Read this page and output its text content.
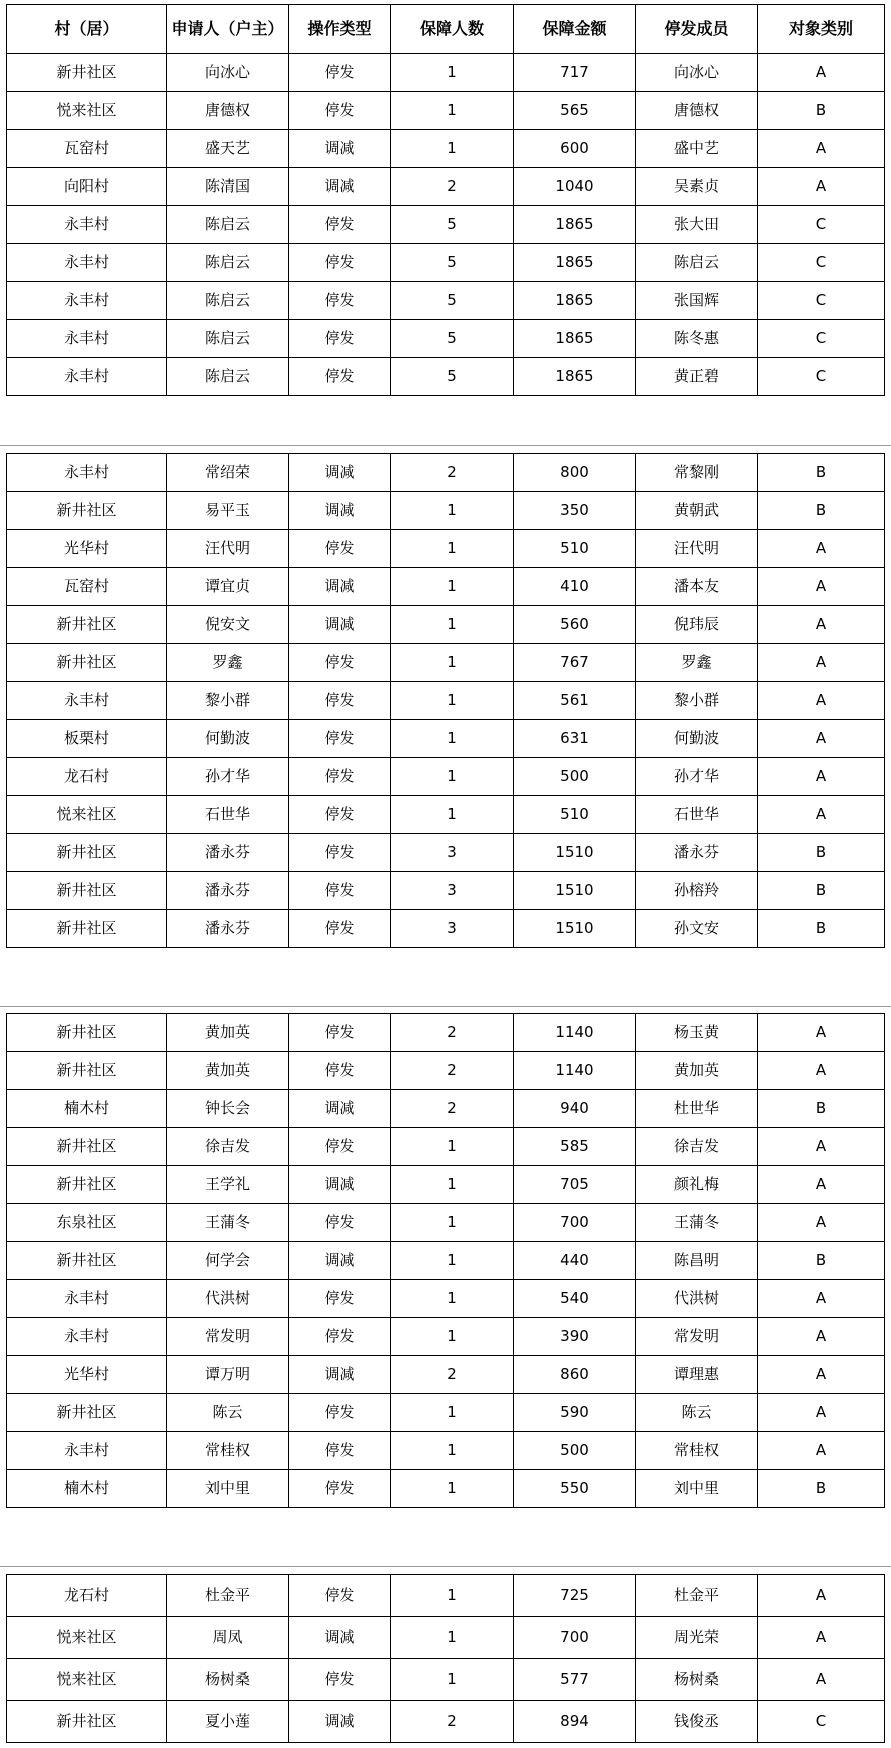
村（居）	申请人（户主）	操作类型	保障人数	保障金额	停发成员	对象类别
新井社区	向冰心	停发	1	717	向冰心	A
悦来社区	唐德权	停发	1	565	唐德权	B
瓦窑村	盛天艺	调减	1	600	盛中艺	A
向阳村	陈清国	调减	2	1040	吴素贞	A
永丰村	陈启云	停发	5	1865	张大田	C
永丰村	陈启云	停发	5	1865	陈启云	C
永丰村	陈启云	停发	5	1865	张国辉	C
永丰村	陈启云	停发	5	1865	陈冬惠	C
永丰村	陈启云	停发	5	1865	黄正碧	C
永丰村	常绍荣	调减	2	800	常黎刚	B
新井社区	易平玉	调减	1	350	黄朝武	B
光华村	汪代明	停发	1	510	汪代明	A
瓦窑村	谭宜贞	调减	1	410	潘本友	A
新井社区	倪安文	调减	1	560	倪玮辰	A
新井社区	罗鑫	停发	1	767	罗鑫	A
永丰村	黎小群	停发	1	561	黎小群	A
板栗村	何勤波	停发	1	631	何勤波	A
龙石村	孙才华	停发	1	500	孙才华	A
悦来社区	石世华	停发	1	510	石世华	A
新井社区	潘永芬	停发	3	1510	潘永芬	B
新井社区	潘永芬	停发	3	1510	孙榕羚	B
新井社区	潘永芬	停发	3	1510	孙文安	B
新井社区	黄加英	停发	2	1140	杨玉黄	A
新井社区	黄加英	停发	2	1140	黄加英	A
楠木村	钟长会	调减	2	940	杜世华	B
新井社区	徐吉发	停发	1	585	徐吉发	A
新井社区	王学礼	调减	1	705	颜礼梅	A
东泉社区	王蒲冬	停发	1	700	王蒲冬	A
新井社区	何学会	调减	1	440	陈昌明	B
永丰村	代洪树	停发	1	540	代洪树	A
永丰村	常发明	停发	1	390	常发明	A
光华村	谭万明	调减	2	860	谭理惠	A
新井社区	陈云	停发	1	590	陈云	A
永丰村	常桂权	停发	1	500	常桂权	A
楠木村	刘中里	停发	1	550	刘中里	B
龙石村	杜金平	停发	1	725	杜金平	A
悦来社区	周凤	调减	1	700	周光荣	A
悦来社区	杨树桑	停发	1	577	杨树桑	A
新井社区	夏小莲	调减	2	894	钱俊丞	C
